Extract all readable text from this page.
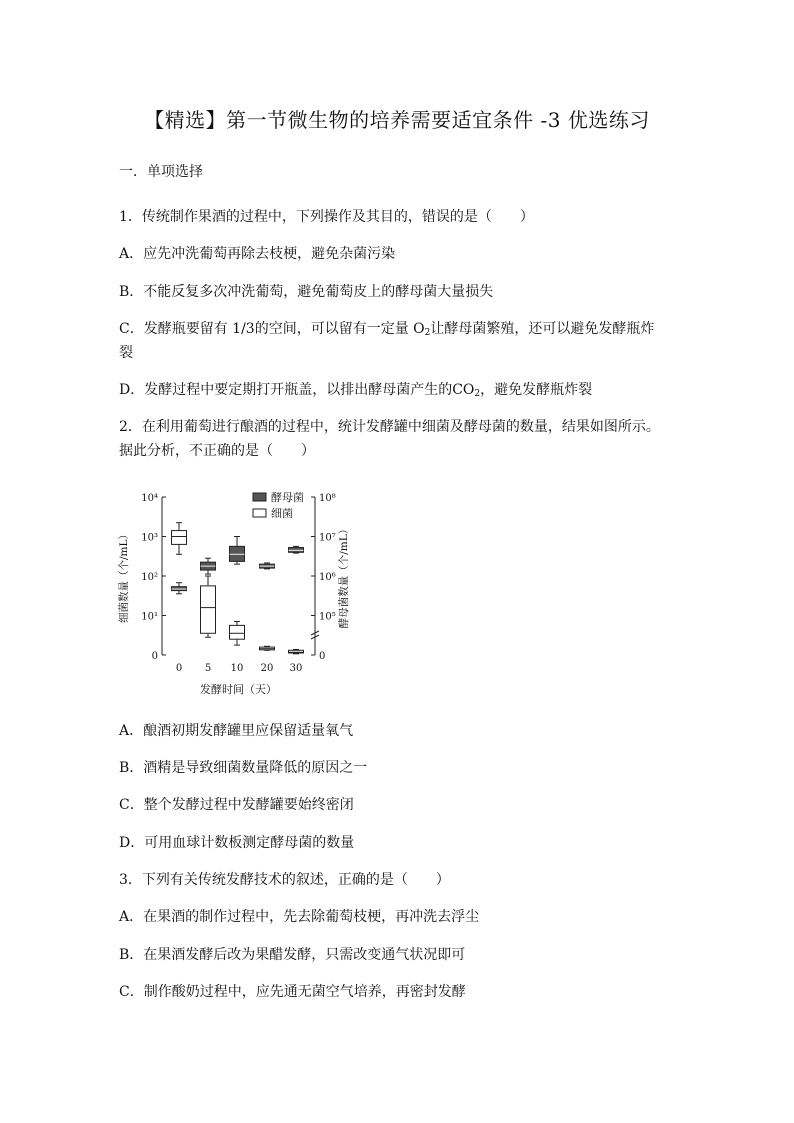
【精选】第一节微生物的培养需要适宜条件 -3 优选练习
一．单项选择
1．传统制作果酒的过程中，下列操作及其目的，错误的是（　　）
A．应先冲洗葡萄再除去枝梗，避免杂菌污染
B．不能反复多次冲洗葡萄，避免葡萄皮上的酵母菌大量损失
C．发酵瓶要留有 1/3的空间，可以留有一定量 $O_2$让酵母菌繁殖，还可以避免发酵瓶炸
裂
D．发酵过程中要定期打开瓶盖，以排出酵母菌产生的$CO_2$，避免发酵瓶炸裂
2．在利用葡萄进行酿酒的过程中，统计发酵罐中细菌及酵母菌的数量，结果如图所示。
据此分析，不正确的是（　　）
0
10¹
10²
10³
10⁴
0
10⁵
10⁶
10⁷
10⁸
0 5 10 20 30
发酵时间（天）
细菌数量（个/mL）	酵母菌数量（个/mL）
酵母菌
细菌
A．酿酒初期发酵罐里应保留适量氧气
B．酒精是导致细菌数量降低的原因之一
C．整个发酵过程中发酵罐要始终密闭
D．可用血球计数板测定酵母菌的数量
3．下列有关传统发酵技术的叙述，正确的是（　　）
A．在果酒的制作过程中，先去除葡萄枝梗，再冲洗去浮尘
B．在果酒发酵后改为果醋发酵，只需改变通气状况即可
C．制作酸奶过程中，应先通无菌空气培养，再密封发酵
